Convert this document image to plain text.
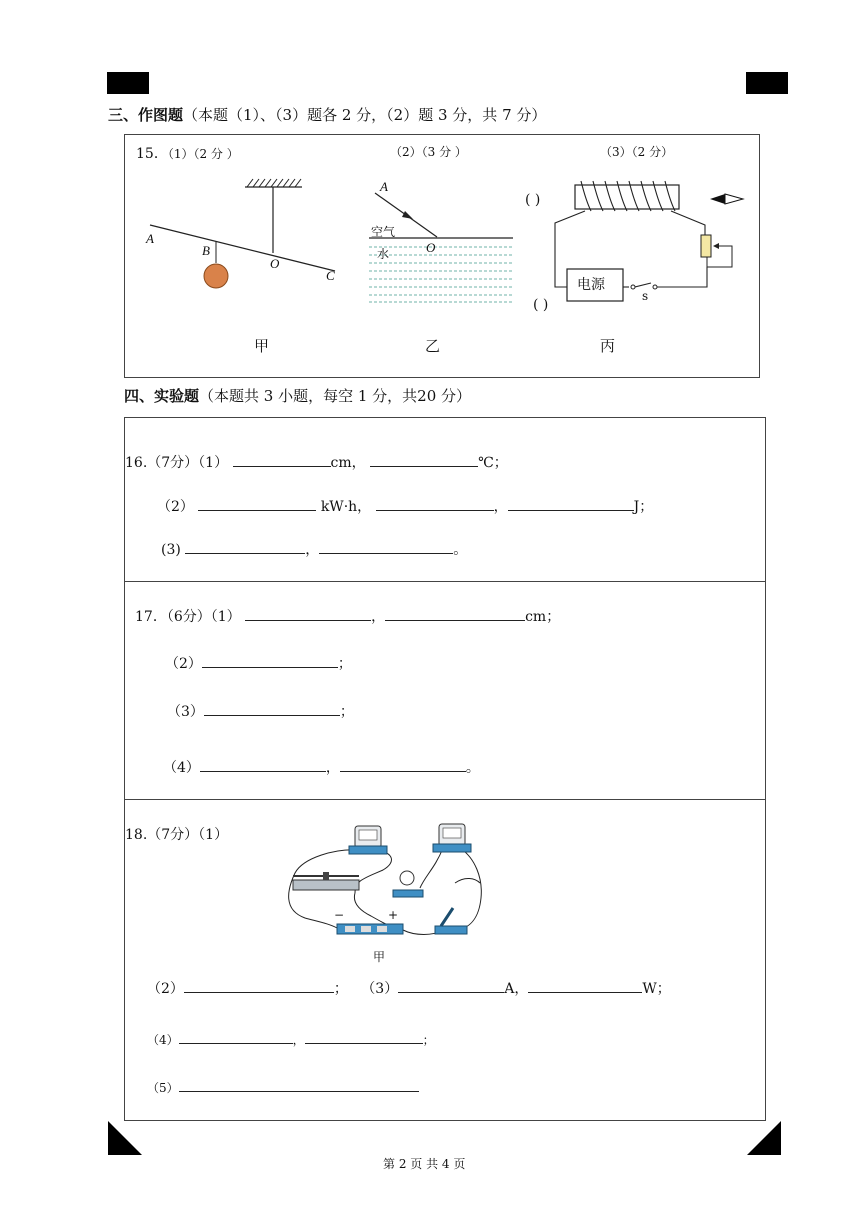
三、作图题（本题（1）、（3）题各 2 分，（2）题 3 分，共 7 分）
15．（1）（2 分 ）	（2）（3 分 ）	（3）（2 分）
A
B
O
C
甲
A
空气
O
水
乙
( )
( )
电源
s
丙
四、实验题（本题共 3 小题，每空 1 分，共20 分）
16.（7分）（1）	cm，	℃；
（2）	kW·h，	，	J；
(3)	，	。
17．（6分）（1）	，	cm；
（2）	；
（3）	；
（4）	，	。
18.（7分）（1）
−	+
甲
（2）	； （3）	A，	W；
（4）	，	；
（5）
第 2 页 共 4 页
